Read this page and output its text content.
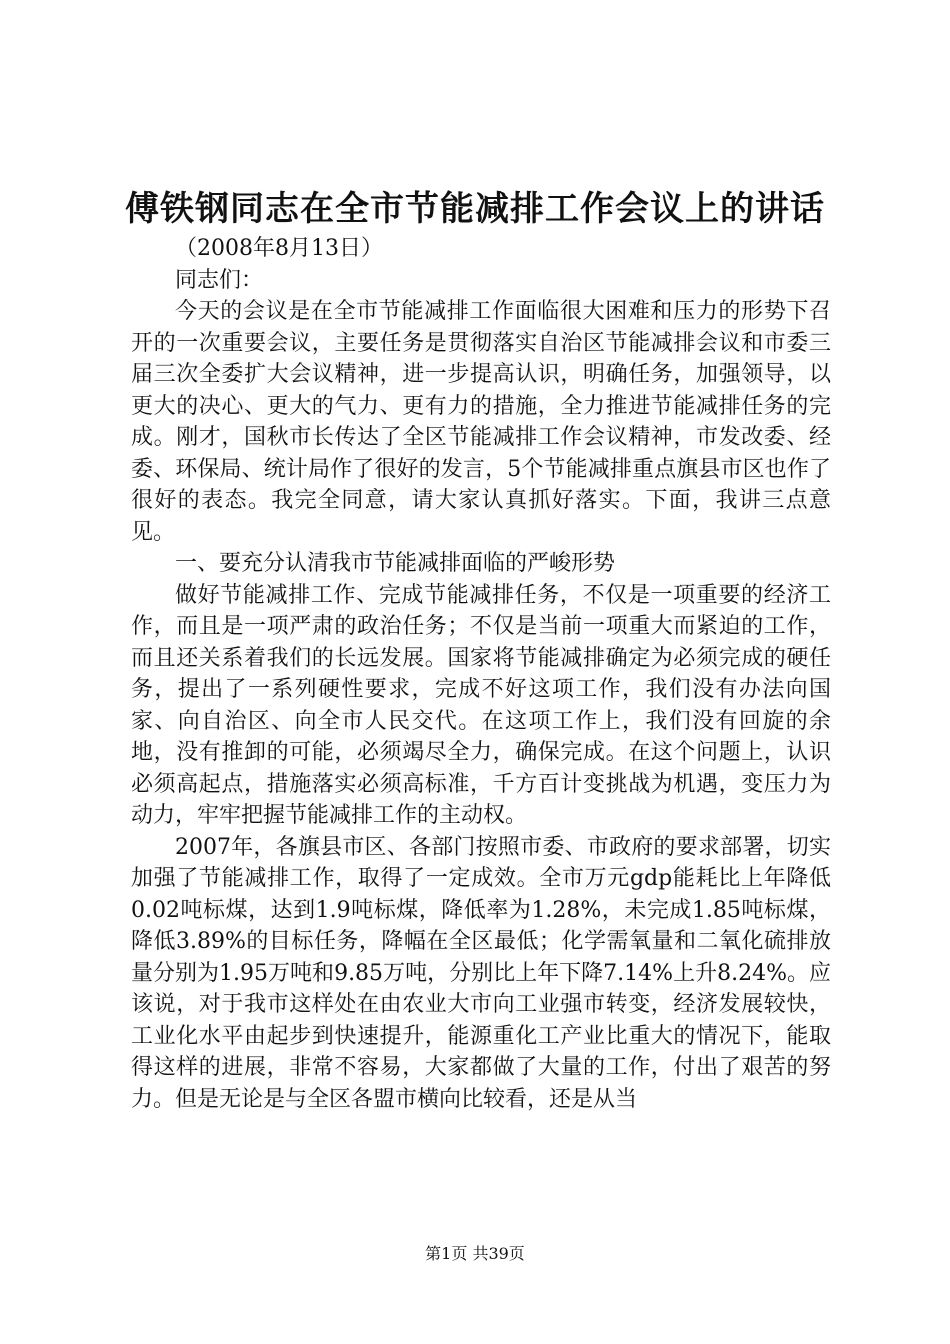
傅铁钢同志在全市节能减排工作会议上的讲话

（2008年8月13日）

同志们：

今天的会议是在全市节能减排工作面临很大困难和压力的形势下召开的一次重要会议，主要任务是贯彻落实自治区节能减排会议和市委三届三次全委扩大会议精神，进一步提高认识，明确任务，加强领导，以更大的决心、更大的气力、更有力的措施，全力推进节能减排任务的完成。刚才，国秋市长传达了全区节能减排工作会议精神，市发改委、经委、环保局、统计局作了很好的发言，5个节能减排重点旗县市区也作了很好的表态。我完全同意，请大家认真抓好落实。下面，我讲三点意见。

一、要充分认清我市节能减排面临的严峻形势

做好节能减排工作、完成节能减排任务，不仅是一项重要的经济工作，而且是一项严肃的政治任务；不仅是当前一项重大而紧迫的工作，而且还关系着我们的长远发展。国家将节能减排确定为必须完成的硬任务，提出了一系列硬性要求，完成不好这项工作，我们没有办法向国家、向自治区、向全市人民交代。在这项工作上，我们没有回旋的余地，没有推卸的可能，必须竭尽全力，确保完成。在这个问题上，认识必须高起点，措施落实必须高标准，千方百计变挑战为机遇，变压力为动力，牢牢把握节能减排工作的主动权。

2007年，各旗县市区、各部门按照市委、市政府的要求部署，切实加强了节能减排工作，取得了一定成效。全市万元gdp能耗比上年降低0.02吨标煤，达到1.9吨标煤，降低率为1.28%，未完成1.85吨标煤，降低3.89%的目标任务，降幅在全区最低；化学需氧量和二氧化硫排放量分别为1.95万吨和9.85万吨，分别比上年下降7.14%上升8.24%。应该说，对于我市这样处在由农业大市向工业强市转变，经济发展较快，工业化水平由起步到快速提升，能源重化工产业比重大的情况下，能取得这样的进展，非常不容易，大家都做了大量的工作，付出了艰苦的努力。但是无论是与全区各盟市横向比较看，还是从当

第1页 共39页
